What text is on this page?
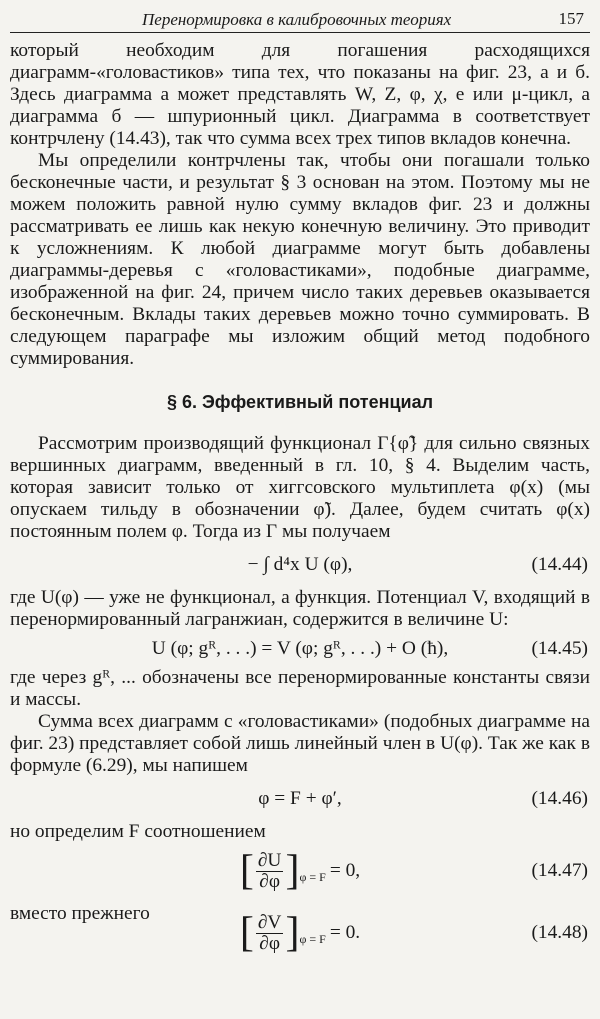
Перенормировка в калибровочных теориях	157

который необходим для погашения расходящихся диаграмм-«головастиков» типа тех, что показаны на фиг. 23, а и б. Здесь диаграмма а может представлять W, Z, φ, χ, e или μ-цикл, а диаграмма б — шпурионный цикл. Диаграмма в соответствует контрчлену (14.43), так что сумма всех трех типов вкладов конечна.

Мы определили контрчлены так, чтобы они погашали только бесконечные части, и результат § 3 основан на этом. Поэтому мы не можем положить равной нулю сумму вкладов фиг. 23 и должны рассматривать ее лишь как некую конечную величину. Это приводит к усложнениям. К любой диаграмме могут быть добавлены диаграммы-деревья с «головастиками», подобные диаграмме, изображенной на фиг. 24, причем число таких деревьев оказывается бесконечным. Вклады таких деревьев можно точно суммировать. В следующем параграфе мы изложим общий метод подобного суммирования.

§ 6. Эффективный потенциал

Рассмотрим производящий функционал Γ{φ̃} для сильно связных вершинных диаграмм, введенный в гл. 10, § 4. Выделим часть, которая зависит только от хиггсовского мультиплета φ(x) (мы опускаем тильду в обозначении φ̃). Далее, будем считать φ(x) постоянным полем φ. Тогда из Γ мы получаем

− ∫ d⁴x U (φ),	(14.44)

где U(φ) — уже не функционал, а функция. Потенциал V, входящий в перенормированный лагранжиан, содержится в величине U:

U (φ; gᴿ, . . .) = V (φ; gᴿ, . . .) + O (ħ),	(14.45)

где через gᴿ, ... обозначены все перенормированные константы связи и массы.

Сумма всех диаграмм с «головастиками» (подобных диаграмме на фиг. 23) представляет собой лишь линейный член в U(φ). Так же как в формуле (6.29), мы напишем

φ = F + φ′,	(14.46)

но определим F соотношением

[ $\frac{\partial U}{\partial\varphi}$ ] φ = F = 0,	(14.47)
вместо прежнего [ $\frac{\partial V}{\partial\varphi}$ ] φ = F = 0.	(14.48)
